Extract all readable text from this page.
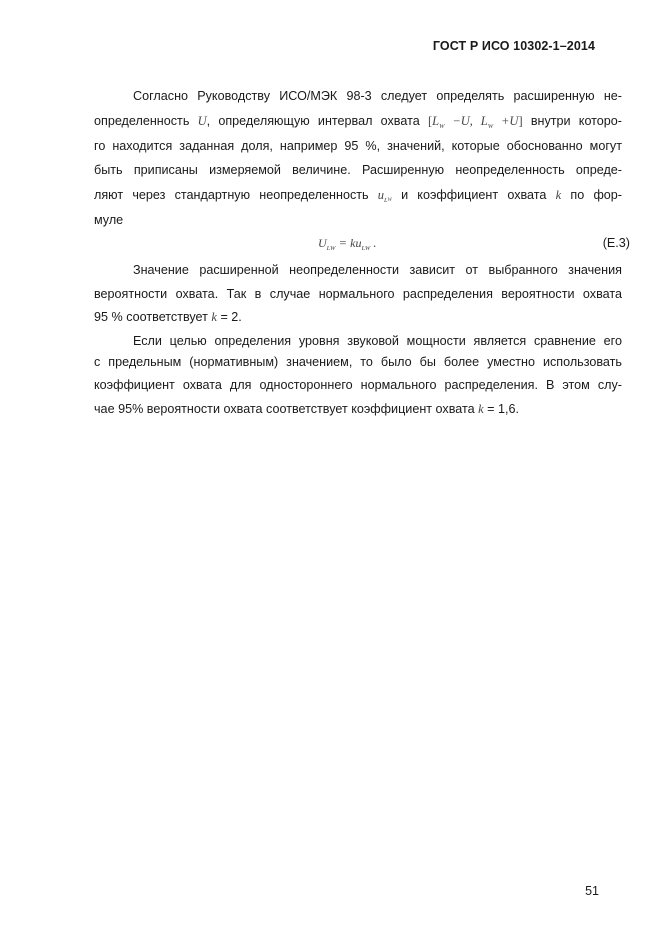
ГОСТ Р ИСО 10302-1–2014
Согласно Руководству ИСО/МЭК 98-3 следует определять расширенную не-
определенность U, определяющую интервал охвата [$L_W -U$, $L_W +U$] внутри которо-
го находится заданная доля, например 95 %, значений, которые обоснованно могут
быть приписаны измеряемой величине. Расширенную неопределенность опреде-
ляют через стандартную неопределенность $u_LW$ и коэффициент охвата k по фор-
муле
$U_{LW} = ku_{LW}$ .	(E.3)
Значение расширенной неопределенности зависит от выбранного значения
вероятности охвата. Так в случае нормального распределения вероятности охвата
95 % соответствует k = 2.
Если целью определения уровня звуковой мощности является сравнение его
с предельным (нормативным) значением, то было бы более уместно использовать
коэффициент охвата для одностороннего нормального распределения. В этом слу-
чае 95% вероятности охвата соответствует коэффициент охвата k = 1,6.
51
